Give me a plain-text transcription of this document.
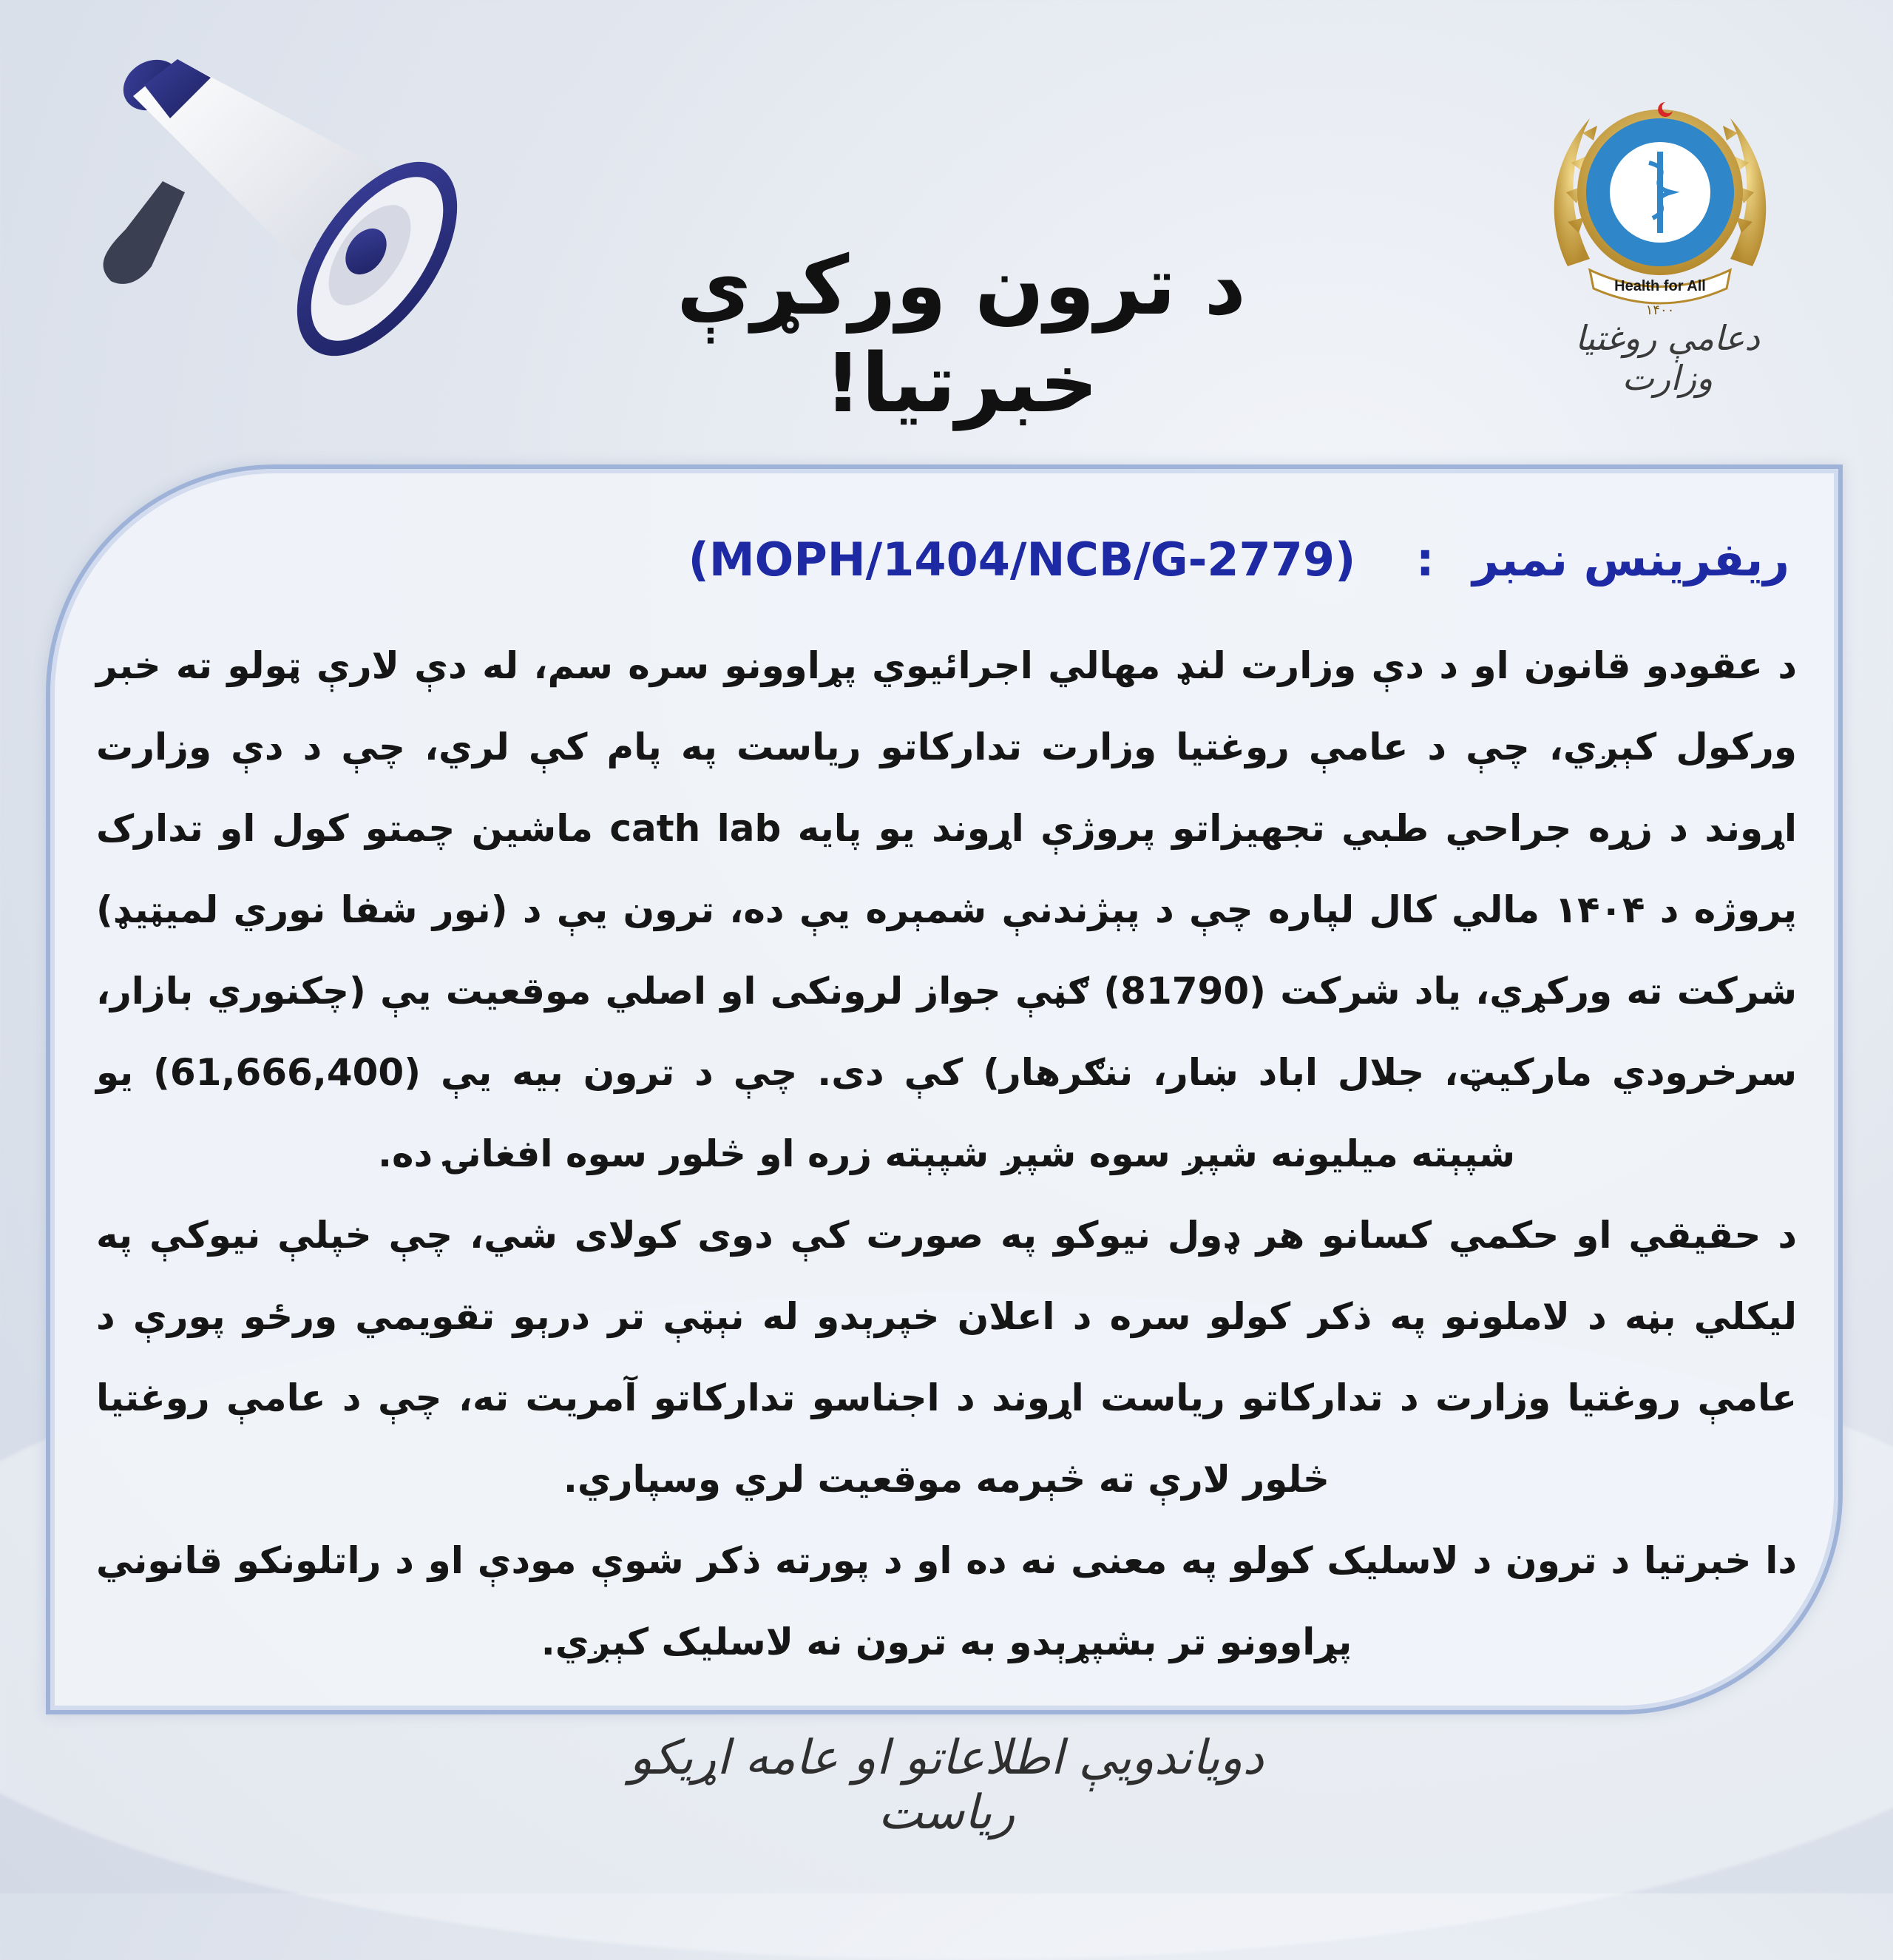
د ترون ورکړې خبرتیا!
Health for All
۱۴۰۰
دعامې روغتیا وزارت
ریفرینس نمبر : (MOPH/1404/NCB/G-2779)

د عقودو قانون او د دې وزارت لنډ مهالي اجرائیوي پړاوونو سره سم، له دې لارې ټولو ته خبر ورکول کېږي، چې د عامې روغتیا وزارت تدارکاتو ریاست په پام کې لري، چې د دې وزارت اړوند د زړه جراحي طبي تجهیزاتو پروژې اړوند یو پایه cath lab ماشین چمتو کول او تدارک پروژه د ۱۴۰۴ مالي کال لپاره چې د پېژندنې شمېره یې ده، ترون یې د (نور شفا نوري لمیټیډ) شرکت ته ورکړي، یاد شرکت (81790) ګڼې جواز لرونکی او اصلي موقعیت یې (چکنوري بازار، سرخرودي مارکیټ، جلال اباد ښار، ننګرهار) کې دی. چې د ترون بیه یې (61,666,400) یو شپېته میلیونه شپږ سوه شپږ شپېته زره او څلور سوه افغانۍ ده.

د حقیقي او حکمي کسانو هر ډول نیوکو په صورت کې دوی کولای شي، چې خپلې نیوکې په لیکلي بڼه د لاملونو په ذکر کولو سره د اعلان خپرېدو له نېټې تر درېو تقویمي ورځو پورې د عامې روغتیا وزارت د تدارکاتو ریاست اړوند د اجناسو تدارکاتو آمریت ته، چې د عامې روغتیا څلور لارې ته څېرمه موقعیت لري وسپاري.

دا خبرتیا د ترون د لاسلیک کولو په معنی نه ده او د پورته ذکر شوې مودې او د راتلونکو قانوني پړاوونو تر بشپړېدو به ترون نه لاسلیک کېږي.

دویاندویې اطلاعاتو او عامه اړیکو ریاست
